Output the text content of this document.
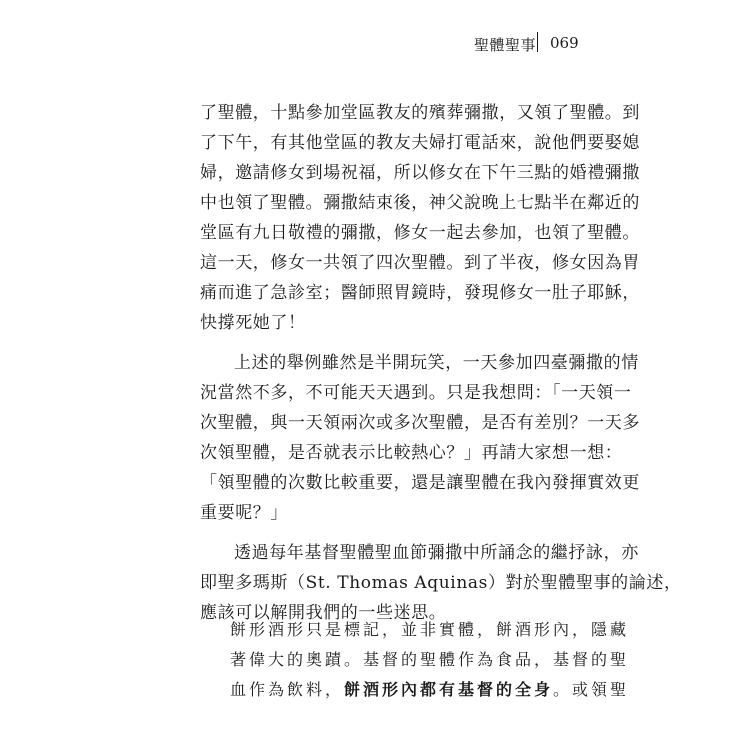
聖體聖事 069
了聖體，十點參加堂區教友的殯葬彌撒，又領了聖體。到
了下午，有其他堂區的教友夫婦打電話來，說他們要娶媳
婦，邀請修女到場祝福，所以修女在下午三點的婚禮彌撒
中也領了聖體。彌撒結束後，神父說晚上七點半在鄰近的
堂區有九日敬禮的彌撒，修女一起去參加，也領了聖體。
這一天，修女一共領了四次聖體。到了半夜，修女因為胃
痛而進了急診室；醫師照胃鏡時，發現修女一肚子耶穌，
快撐死她了！
上述的舉例雖然是半開玩笑，一天參加四臺彌撒的情
況當然不多，不可能天天遇到。只是我想問：「一天領一
次聖體，與一天領兩次或多次聖體，是否有差別？一天多
次領聖體，是否就表示比較熱心？」再請大家想一想：
「領聖體的次數比較重要，還是讓聖體在我內發揮實效更
重要呢？」
透過每年基督聖體聖血節彌撒中所誦念的繼抒詠，亦
即聖多瑪斯（St. Thomas Aquinas）對於聖體聖事的論述，
應該可以解開我們的一些迷思。
餅形酒形只是標記，並非實體，餅酒形內，隱藏
著偉大的奧蹟。基督的聖體作為食品，基督的聖
血作為飲料，餅酒形內都有基督的全身。或領聖
